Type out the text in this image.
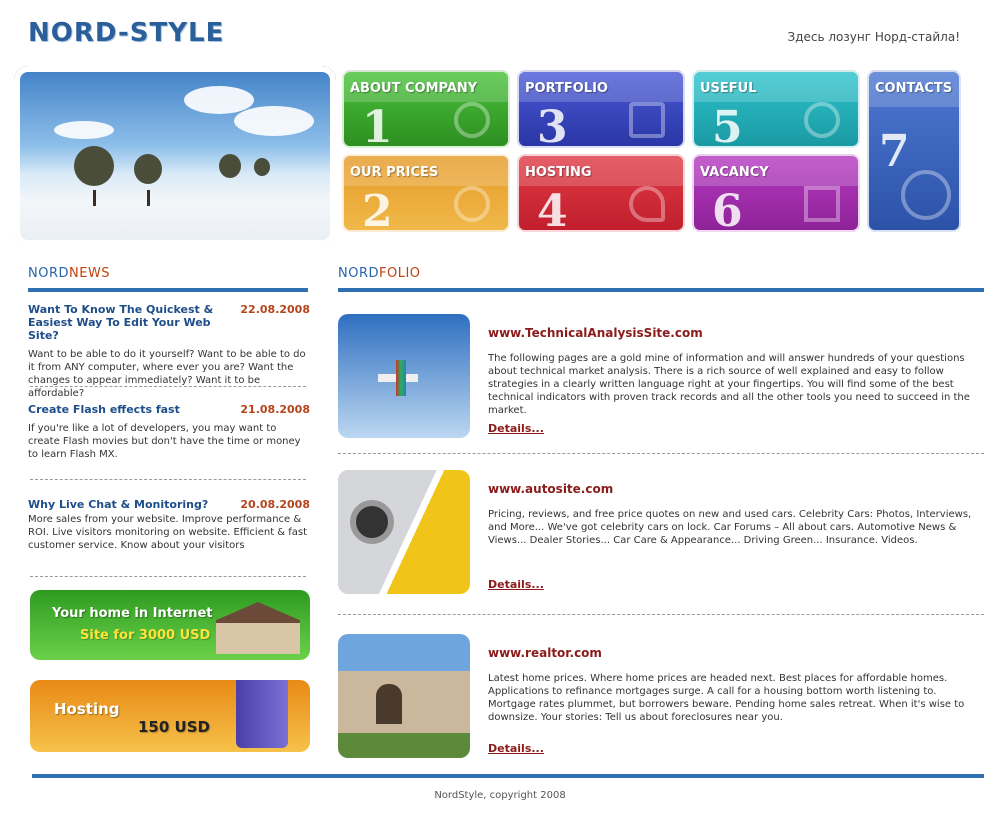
NORD-STYLE	Здесь лозунг Норд-стайла!
ABOUT COMPANY
1
PORTFOLIO
3
USEFUL
5
CONTACTS
7
OUR PRICES
2
HOSTING
4
VACANCY
6
NORDNEWS
Want To Know The Quickest & Easiest Way To Edit Your Web Site?
22.08.2008
Want to be able to do it yourself? Want to be able to do it from ANY computer, where ever you are? Want the changes to appear immediately? Want it to be affordable?
Create Flash effects fast	21.08.2008
If you're like a lot of developers, you may want to create Flash movies but don't have the time or money to learn Flash MX.
Why Live Chat & Monitoring?	20.08.2008
More sales from your website. Improve performance & ROI. Live visitors monitoring on website. Efficient & fast customer service. Know about your visitors
Your home in Internet
Site for 3000 USD
Hosting
150 USD
NORDFOLIO
www.TechnicalAnalysisSite.com
The following pages are a gold mine of information and will answer hundreds of your questions about technical market analysis. There is a rich source of well explained and easy to follow strategies in a clearly written language right at your fingertips. You will find some of the best technical indicators with proven track records and all the other tools you need to succeed in the market.
Details...
www.autosite.com
Pricing, reviews, and free price quotes on new and used cars. Celebrity Cars: Photos, Interviews, and More... We've got celebrity cars on lock. Car Forums – All about cars. Automotive News & Views... Dealer Stories... Car Care & Appearance... Driving Green... Insurance. Videos.
Details...
www.realtor.com
Latest home prices. Where home prices are headed next. Best places for affordable homes. Applications to refinance mortgages surge. A call for a housing bottom worth listening to. Mortgage rates plummet, but borrowers beware. Pending home sales retreat. When it's wise to downsize. Your stories: Tell us about foreclosures near you.
Details...
NordStyle, copyright 2008
